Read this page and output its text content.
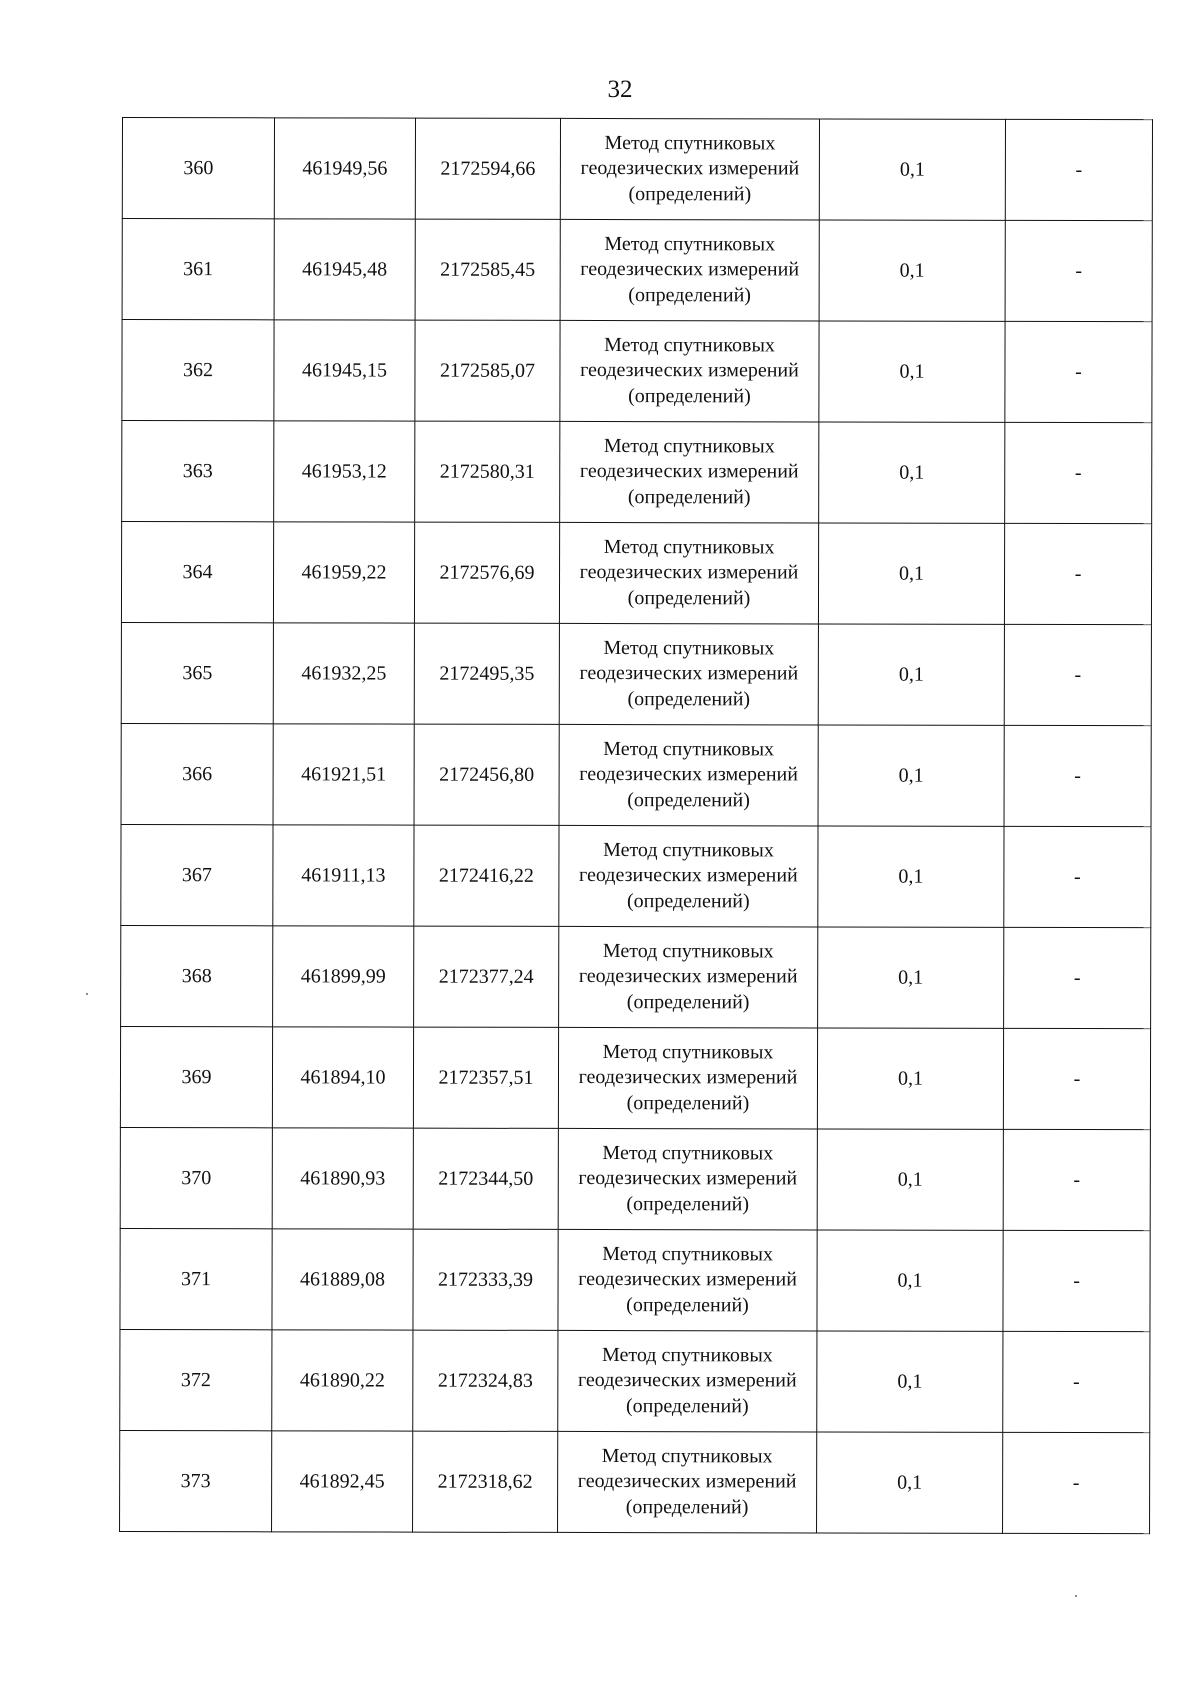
32
360	461949,56	2172594,66	Метод спутниковых
геодезических измерений
(определений)	0,1	-
361	461945,48	2172585,45	Метод спутниковых
геодезических измерений
(определений)	0,1	-
362	461945,15	2172585,07	Метод спутниковых
геодезических измерений
(определений)	0,1	-
363	461953,12	2172580,31	Метод спутниковых
геодезических измерений
(определений)	0,1	-
364	461959,22	2172576,69	Метод спутниковых
геодезических измерений
(определений)	0,1	-
365	461932,25	2172495,35	Метод спутниковых
геодезических измерений
(определений)	0,1	-
366	461921,51	2172456,80	Метод спутниковых
геодезических измерений
(определений)	0,1	-
367	461911,13	2172416,22	Метод спутниковых
геодезических измерений
(определений)	0,1	-
368	461899,99	2172377,24	Метод спутниковых
геодезических измерений
(определений)	0,1	-
369	461894,10	2172357,51	Метод спутниковых
геодезических измерений
(определений)	0,1	-
370	461890,93	2172344,50	Метод спутниковых
геодезических измерений
(определений)	0,1	-
371	461889,08	2172333,39	Метод спутниковых
геодезических измерений
(определений)	0,1	-
372	461890,22	2172324,83	Метод спутниковых
геодезических измерений
(определений)	0,1	-
373	461892,45	2172318,62	Метод спутниковых
геодезических измерений
(определений)	0,1	-
